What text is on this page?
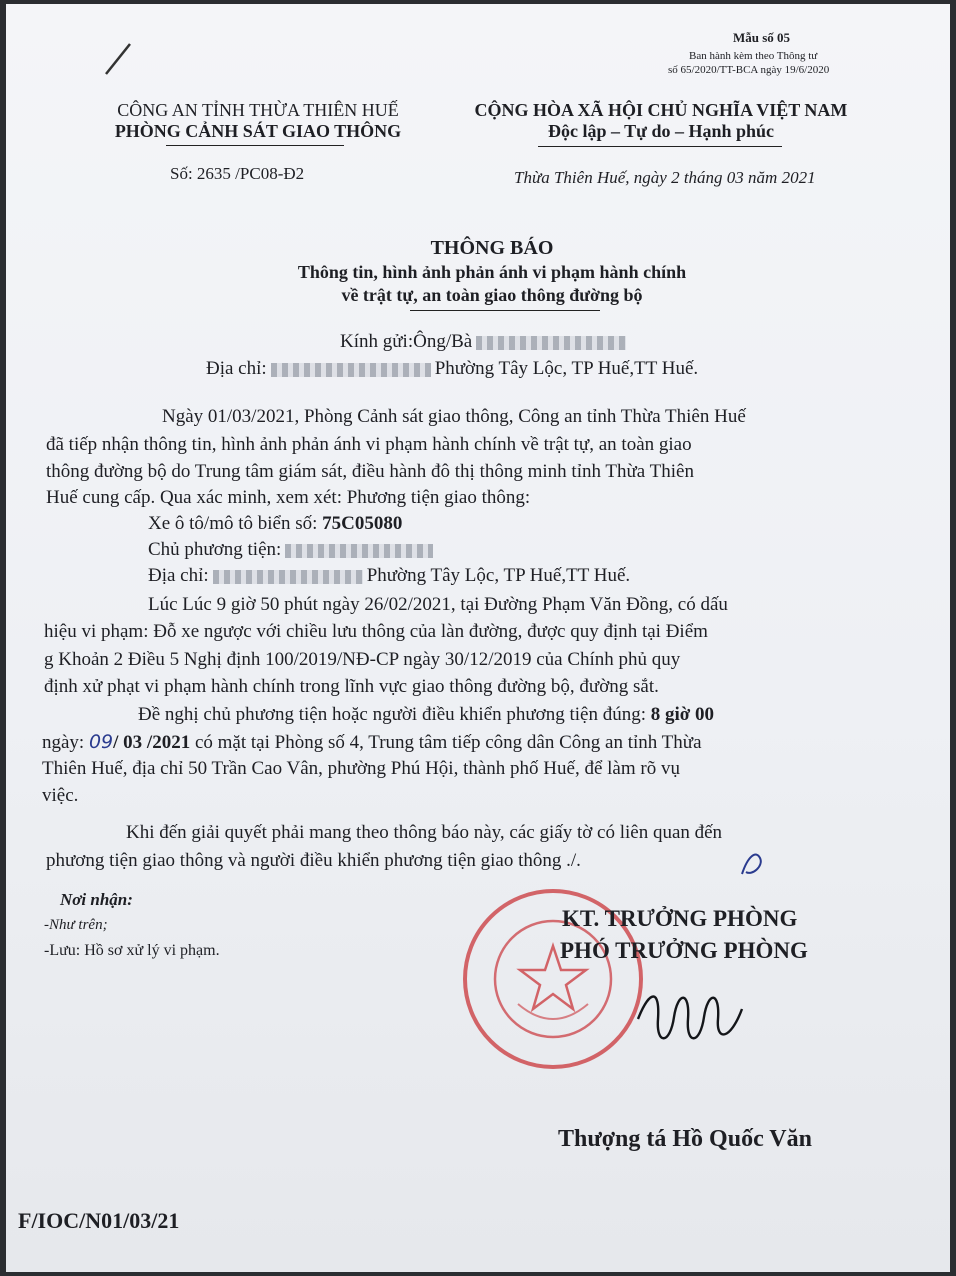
Mẫu số 05
Ban hành kèm theo Thông tư
số 65/2020/TT-BCA ngày 19/6/2020
CÔNG AN TỈNH THỪA THIÊN HUẾ
PHÒNG CẢNH SÁT GIAO THÔNG
Số: 2635 /PC08-Đ2
CỘNG HÒA XÃ HỘI CHỦ NGHĨA VIỆT NAM
Độc lập – Tự do – Hạnh phúc
Thừa Thiên Huế, ngày 2 tháng 03 năm 2021
THÔNG BÁO
Thông tin, hình ảnh phản ánh vi phạm hành chính
về trật tự, an toàn giao thông đường bộ
Kính gửi:Ông/Bà
Địa chỉ:	Phường Tây Lộc, TP Huế,TT Huế.
Ngày 01/03/2021, Phòng Cảnh sát giao thông, Công an tỉnh Thừa Thiên Huế
đã tiếp nhận thông tin, hình ảnh phản ánh vi phạm hành chính về trật tự, an toàn giao
thông đường bộ do Trung tâm giám sát, điều hành đô thị thông minh tỉnh Thừa Thiên
Huế cung cấp. Qua xác minh, xem xét: Phương tiện giao thông:
Xe ô tô/mô tô biển số: 75C05080
Chủ phương tiện:
Địa chỉ:	Phường Tây Lộc, TP Huế,TT Huế.
Lúc Lúc 9 giờ 50 phút ngày 26/02/2021, tại Đường Phạm Văn Đồng, có dấu
hiệu vi phạm: Đỗ xe ngược với chiều lưu thông của làn đường, được quy định tại Điểm
g Khoản 2 Điều 5 Nghị định 100/2019/NĐ-CP ngày 30/12/2019 của Chính phủ quy
định xử phạt vi phạm hành chính trong lĩnh vực giao thông đường bộ, đường sắt.
Đề nghị chủ phương tiện hoặc người điều khiển phương tiện đúng: 8 giờ 00
ngày: 09/ 03 /2021 có mặt tại Phòng số 4, Trung tâm tiếp công dân Công an tỉnh Thừa
Thiên Huế, địa chỉ 50 Trần Cao Vân, phường Phú Hội, thành phố Huế, để làm rõ vụ
việc.
Khi đến giải quyết phải mang theo thông báo này, các giấy tờ có liên quan đến
phương tiện giao thông và người điều khiển phương tiện giao thông ./.
Nơi nhận:
-Như trên;
-Lưu: Hồ sơ xử lý vi phạm.
KT. TRƯỞNG PHÒNG
PHÓ TRƯỞNG PHÒNG
Thượng tá Hồ Quốc Văn
F/IOC/N01/03/21
